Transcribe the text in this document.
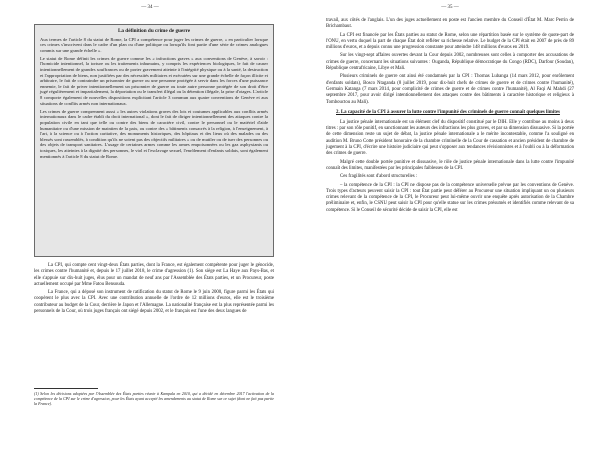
— 34 —
La définition du crime de guerre

Aux termes de l'article 8 du statut de Rome, la CPI a compétence pour juger les crimes de guerre, « en particulier lorsque ces crimes s'inscrivent dans le cadre d'un plan ou d'une politique ou lorsqu'ils font partie d'une série de crimes analogues commis sur une grande échelle ».

Le statut de Rome définit les crimes de guerre comme les « infractions graves » aux conventions de Genève, à savoir : l'homicide intentionnel, la torture ou les traitements inhumains, y compris les expériences biologiques, le fait de causer intentionnellement de grandes souffrances ou de porter gravement atteinte à l'intégrité physique ou à la santé, la destruction et l'appropriation de biens, non justifiées par des nécessités militaires et exécutées sur une grande échelle de façon illicite et arbitraire, le fait de contraindre un prisonnier de guerre ou une personne protégée à servir dans les forces d'une puissance ennemie, le fait de priver intentionnellement un prisonnier de guerre ou toute autre personne protégée de son droit d'être jugé régulièrement et impartialement, la déportation ou le transfert illégal ou la détention illégale, la prise d'otages. L'article 8 comporte également de nouvelles dispositions explicitant l'article 3 commun aux quatre conventions de Genève et aux situations de conflits armés non internationaux.

Les crimes de guerre comprennent aussi « les autres violations graves des lois et coutumes applicables aux conflits armés internationaux dans le cadre établi du droit international », dont le fait de diriger intentionnellement des attaques contre la population civile en tant que telle ou contre des biens de caractère civil, contre le personnel ou le matériel d'aide humanitaire ou d'une mission de maintien de la paix, ou contre des « bâtiments consacrés à la religion, à l'enseignement, à l'art, à la science ou à l'action caritative, des monuments historiques, des hôpitaux et des lieux où des malades ou des blessés sont rassemblés, à condition qu'ils ne soient pas des objectifs militaires » ou de mutiler ou de tuer des personnes ou des objets de transport sanitaires. L'usage de certaines armes comme les armes empoisonnées ou les gaz asphyxiants ou toxiques, les atteintes à la dignité des personnes, le viol et l'esclavage sexuel, l'enrôlement d'enfants soldats, sont également mentionnés à l'article 8 du statut de Rome.

La CPI, qui compte cent vingt-deux États parties, dont la France, est également compétente pour juger le génocide, les crimes contre l'humanité et, depuis le 17 juillet 2018, le crime d'agression (1). Son siège est La Haye aux Pays-Bas, et elle s'appuie sur dix-huit juges, élus pour un mandat de neuf ans par l'Assemblée des États parties, et un Procureur, poste actuellement occupé par Mme Fatou Bensouda.

La France, qui a déposé son instrument de ratification du statut de Rome le 9 juin 2000, figure parmi les États qui coopèrent le plus avec la CPI. Avec une contribution annuelle de l'ordre de 12 millions d'euros, elle est le troisième contributeur au budget de la Cour, derrière le Japon et l'Allemagne. La nationalité française est la plus représentée parmi les personnels de la Cour, où trois juges français ont siégé depuis 2002, et le français est l'une des deux langues de

(1) Selon les décisions adoptées par l'Assemblée des États parties réunie à Kampala en 2010, qui a décidé en décembre 2017 l'activation de la compétence de la CPI sur le crime d'agression, pour les États ayant accepté les amendements au statut de Rome sur ce sujet (dont ne fait pas partie la France).
— 35 —

travail, aux côtés de l'anglais. L'un des juges actuellement en poste est l'ancien membre du Conseil d'État M. Marc Perrin de Brichambaut.

La CPI est financée par les États parties au statut de Rome, selon une répartition basée sur le système de quote-part de l'ONU, en vertu duquel la part de chaque État doit refléter sa richesse relative. Le budget de la CPI était en 2007 de près de 89 millions d'euros, et a depuis connu une progression constante pour atteindre 148 millions d'euros en 2019.

Sur les vingt-sept affaires ouvertes devant la Cour depuis 2002, nombreuses sont celles à comporter des accusations de crimes de guerre, concernant les situations suivantes : Ouganda, République démocratique du Congo (RDC), Darfour (Soudan), République centrafricaine, Libye et Mali.

Plusieurs criminels de guerre ont ainsi été condamnés par la CPI : Thomas Lubanga (14 mars 2012, pour enrôlement d'enfants soldats), Bosco Ntaganda (8 juillet 2019, pour dix-huit chefs de crimes de guerre et de crimes contre l'humanité), Germain Katanga (7 mars 2014, pour complicité de crimes de guerre et de crimes contre l'humanité), Al Faqi Al Mahdi (27 septembre 2017, pour avoir dirigé intentionnellement des attaques contre des bâtiments à caractère historique et religieux à Tombouctou au Mali).

2. La capacité de la CPI à assurer la lutte contre l'impunité des criminels de guerre connaît quelques limites

La justice pénale internationale est un élément clef du dispositif constitué par le DIH. Elle y contribue au moins à deux titres : par son rôle punitif, en sanctionnant les auteurs des infractions les plus graves, et par sa dimension dissuasive. Si la portée de cette dimension reste un sujet de débat, la justice pénale internationale a le mérite incontestable, comme l'a souligné en audition M. Bruno Cotte président honoraire de la chambre criminelle de la Cour de cassation et ancien président de chambre de jugement à la CPI, d'écrire une histoire judiciaire qui peut s'opposer aux tendances révisionnistes et à l'oubli ou à la déformation des crimes de guerre.

Malgré cette double portée punitive et dissuasive, le rôle de justice pénale internationale dans la lutte contre l'impunité connaît des limites, manifestées par les principales faiblesses de la CPI.

Ces fragilités sont d'abord structurelles :

– la compétence de la CPI : la CPI ne dispose pas de la compétence universelle prévue par les conventions de Genève. Trois types d'acteurs peuvent saisir la CPI : tout État partie peut déférer au Procureur une situation impliquant un ou plusieurs crimes relevant de la compétence de la CPI, le Procureur peut lui-même ouvrir une enquête après autorisation de la Chambre préliminaire et, enfin, le CSNU peut saisir la CPI pour qu'elle statue sur les crimes présumés et identifiés comme relevant de sa compétence. Si le Conseil de sécurité décide de saisir la CPI, elle est
